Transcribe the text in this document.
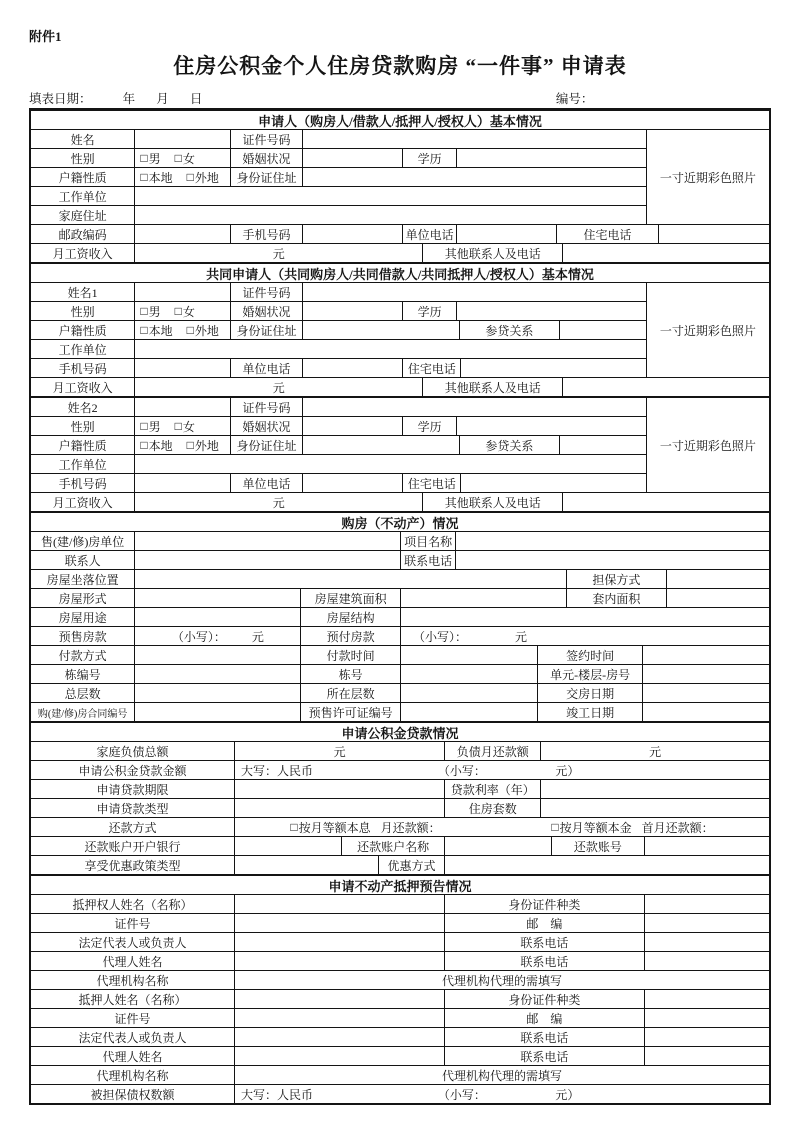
附件1
住房公积金个人住房贷款购房 “一件事” 申请表
填表日期： 年 月 日	编号：
申请人（购房人/借款人/抵押人/授权人）基本情况
姓名	证件号码
性别	□ 男 □ 女	婚姻状况	学历
户籍性质	□ 本地 □ 外地	身份证住址
工作单位
家庭住址
一寸近期彩色照片
邮政编码	手机号码	单位电话	住宅电话
月工资收入	元	其他联系人及电话
共同申请人（共同购房人/共同借款人/共同抵押人/授权人）基本情况
姓名1	证件号码
性别	□ 男 □ 女	婚姻状况	学历
户籍性质	□ 本地 □ 外地	身份证住址	参贷关系
工作单位
手机号码	单位电话	住宅电话
一寸近期彩色照片
月工资收入	元	其他联系人及电话
姓名2	证件号码
性别	□ 男 □ 女	婚姻状况	学历
户籍性质	□ 本地 □ 外地	身份证住址	参贷关系
工作单位
手机号码	单位电话	住宅电话
一寸近期彩色照片
月工资收入	元	其他联系人及电话
购房（不动产）情况
售(建/修)房单位	项目名称
联系人	联系电话
房屋坐落位置	担保方式
房屋形式	房屋建筑面积	套内面积
房屋用途	房屋结构
预售房款	（小写）： 元	预付房款	（小写）：	元
付款方式	付款时间	签约时间
栋编号	栋号	单元-楼层-房号
总层数	所在层数	交房日期
购(建/修)房合同编号	预售许可证编号	竣工日期
申请公积金贷款情况
家庭负债总额	元	负债月还款额	元
申请公积金贷款金额	大写：人民币	（小写：	元）
申请贷款期限	贷款利率（年）
申请贷款类型	住房套数
还款方式	□ 按月等额本息 月还款额：	□ 按月等额本金 首月还款额：
还款账户开户银行	还款账户名称	还款账号
享受优惠政策类型	优惠方式
申请不动产抵押预告情况
抵押权人姓名（名称）	身份证件种类
证件号	邮　编
法定代表人或负责人	联系电话
代理人姓名	联系电话
代理机构名称	代理机构代理的需填写
抵押人姓名（名称）	身份证件种类
证件号	邮　编
法定代表人或负责人	联系电话
代理人姓名	联系电话
代理机构名称	代理机构代理的需填写
被担保债权数额	大写：人民币	（小写：	元）
